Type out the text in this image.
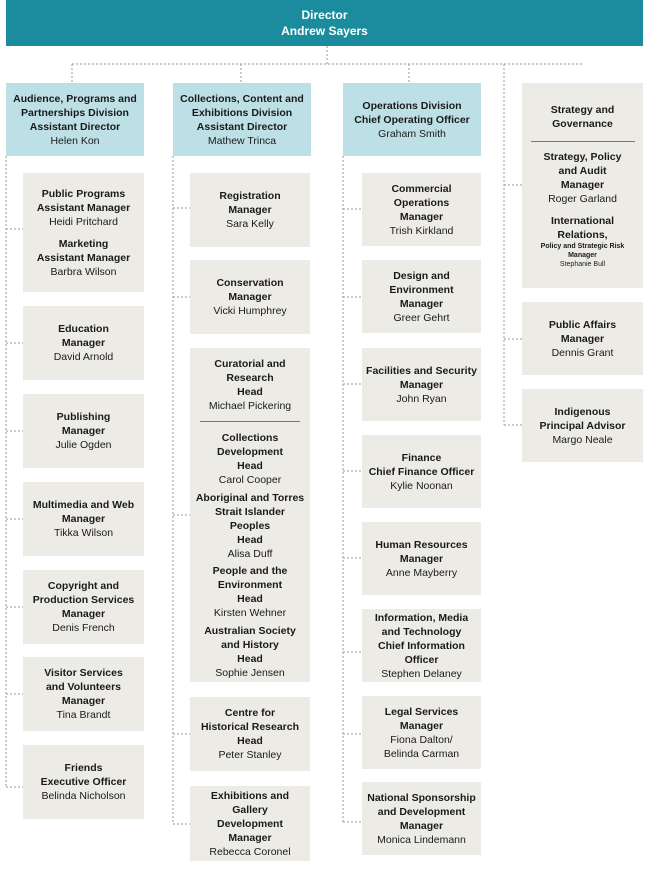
Director
Andrew Sayers
Audience, Programs and
Partnerships Division
Assistant Director
Helen Kon
Public Programs
Assistant Manager
Heidi Pritchard
Marketing
Assistant Manager
Barbra Wilson
Education
Manager
David Arnold
Publishing
Manager
Julie Ogden
Multimedia and Web
Manager
Tikka Wilson
Copyright and
Production Services
Manager
Denis French
Visitor Services
and Volunteers
Manager
Tina Brandt
Friends
Executive Officer
Belinda Nicholson
Collections, Content and
Exhibitions Division
Assistant Director
Mathew Trinca
Registration
Manager
Sara Kelly
Conservation
Manager
Vicki Humphrey
Curatorial and Research
Head
Michael Pickering
Collections Development
Head
Carol Cooper
Aboriginal and Torres
Strait Islander Peoples
Head
Alisa Duff
People and the
Environment
Head
Kirsten Wehner
Australian Society
and History
Head
Sophie Jensen
Centre for
Historical Research
Head
Peter Stanley
Exhibitions and Gallery
Development
Manager
Rebecca Coronel
Operations Division
Chief Operating Officer
Graham Smith
Commercial Operations
Manager
Trish Kirkland
Design and
Environment
Manager
Greer Gehrt
Facilities and Security
Manager
John Ryan
Finance
Chief Finance Officer
Kylie Noonan
Human Resources
Manager
Anne Mayberry
Information, Media
and Technology
Chief Information
Officer
Stephen Delaney
Legal Services
Manager
Fiona Dalton/
Belinda Carman
National Sponsorship
and Development
Manager
Monica Lindemann
Strategy and
Governance
Strategy, Policy
and Audit
Manager
Roger Garland
International Relations,
Policy and Strategic Risk
Manager
Stephanie Bull
Public Affairs
Manager
Dennis Grant
Indigenous
Principal Advisor
Margo Neale
